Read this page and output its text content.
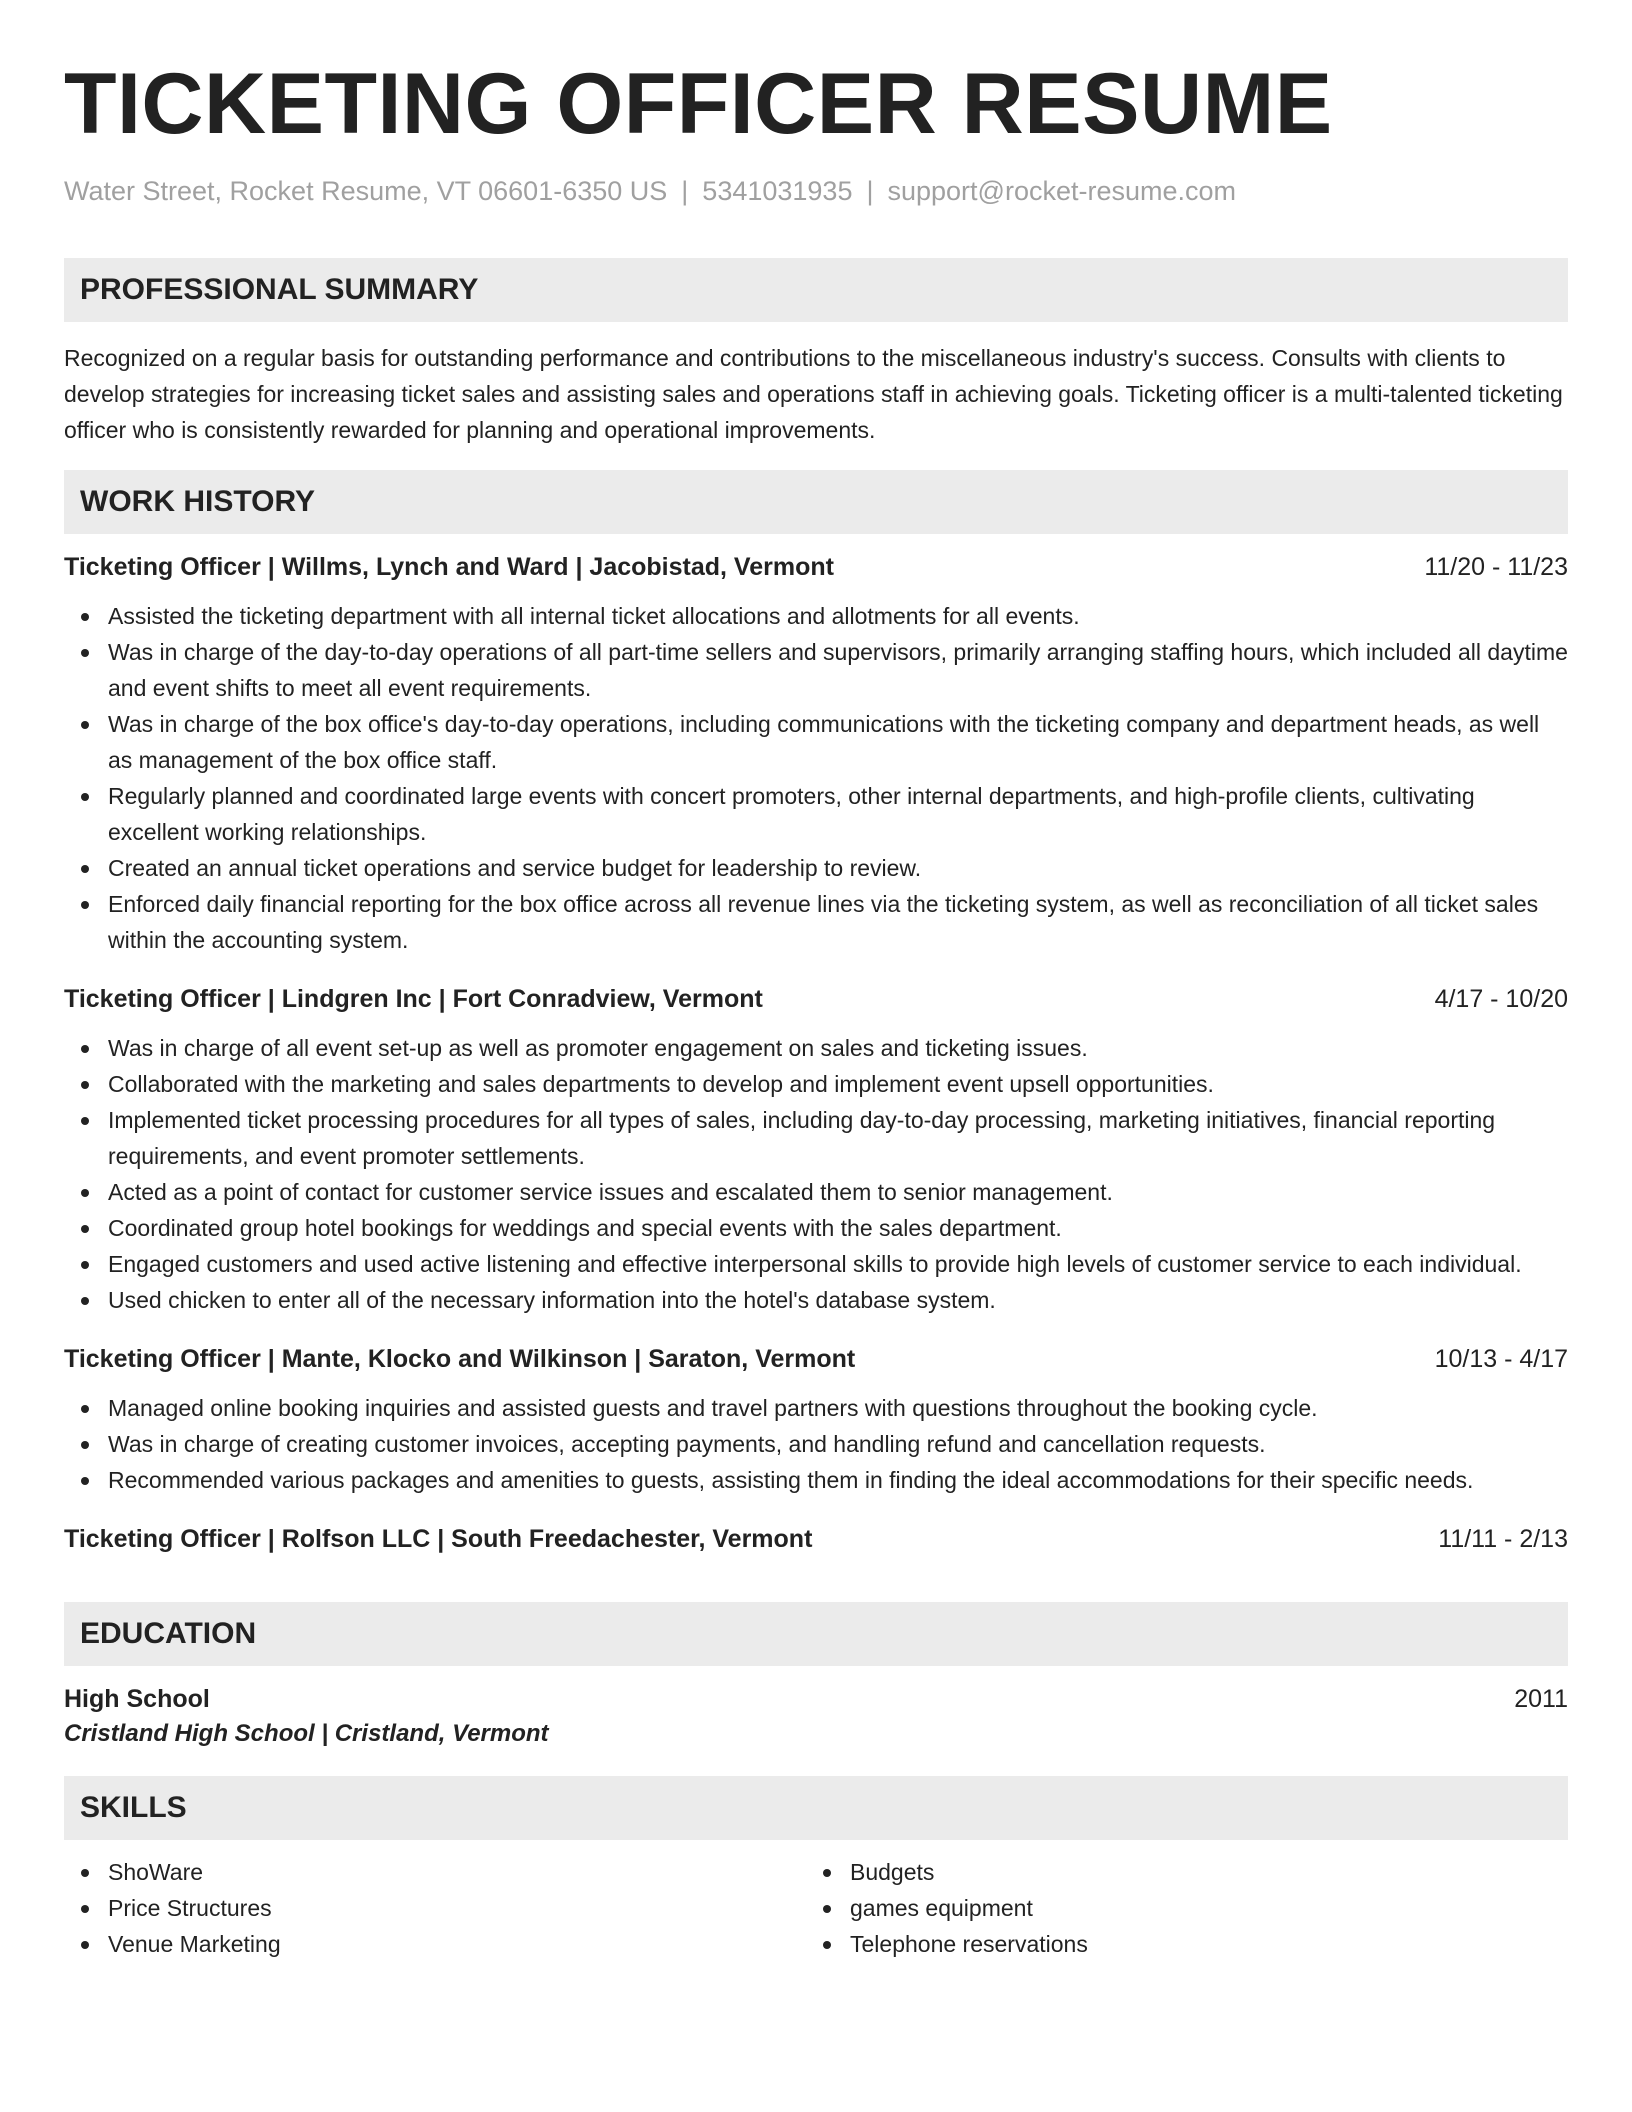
TICKETING OFFICER RESUME
Water Street, Rocket Resume, VT 06601-6350 US | 5341031935 | support@rocket-resume.com
PROFESSIONAL SUMMARY

Recognized on a regular basis for outstanding performance and contributions to the miscellaneous industry's success. Consults with clients to develop strategies for increasing ticket sales and assisting sales and operations staff in achieving goals. Ticketing officer is a multi-talented ticketing officer who is consistently rewarded for planning and operational improvements.

WORK HISTORY
Ticketing Officer | Willms, Lynch and Ward | Jacobistad, Vermont	11/20 - 11/23
Assisted the ticketing department with all internal ticket allocations and allotments for all events.
Was in charge of the day-to-day operations of all part-time sellers and supervisors, primarily arranging staffing hours, which included all daytime and event shifts to meet all event requirements.
Was in charge of the box office's day-to-day operations, including communications with the ticketing company and department heads, as well as management of the box office staff.
Regularly planned and coordinated large events with concert promoters, other internal departments, and high-profile clients, cultivating excellent working relationships.
Created an annual ticket operations and service budget for leadership to review.
Enforced daily financial reporting for the box office across all revenue lines via the ticketing system, as well as reconciliation of all ticket sales within the accounting system.
Ticketing Officer | Lindgren Inc | Fort Conradview, Vermont	4/17 - 10/20
Was in charge of all event set-up as well as promoter engagement on sales and ticketing issues.
Collaborated with the marketing and sales departments to develop and implement event upsell opportunities.
Implemented ticket processing procedures for all types of sales, including day-to-day processing, marketing initiatives, financial reporting requirements, and event promoter settlements.
Acted as a point of contact for customer service issues and escalated them to senior management.
Coordinated group hotel bookings for weddings and special events with the sales department.
Engaged customers and used active listening and effective interpersonal skills to provide high levels of customer service to each individual.
Used chicken to enter all of the necessary information into the hotel's database system.
Ticketing Officer | Mante, Klocko and Wilkinson | Saraton, Vermont	10/13 - 4/17
Managed online booking inquiries and assisted guests and travel partners with questions throughout the booking cycle.
Was in charge of creating customer invoices, accepting payments, and handling refund and cancellation requests.
Recommended various packages and amenities to guests, assisting them in finding the ideal accommodations for their specific needs.
Ticketing Officer | Rolfson LLC | South Freedachester, Vermont	11/11 - 2/13
EDUCATION
High School	2011
Cristland High School | Cristland, Vermont
SKILLS
ShoWare
Price Structures
Venue Marketing
Budgets
games equipment
Telephone reservations
